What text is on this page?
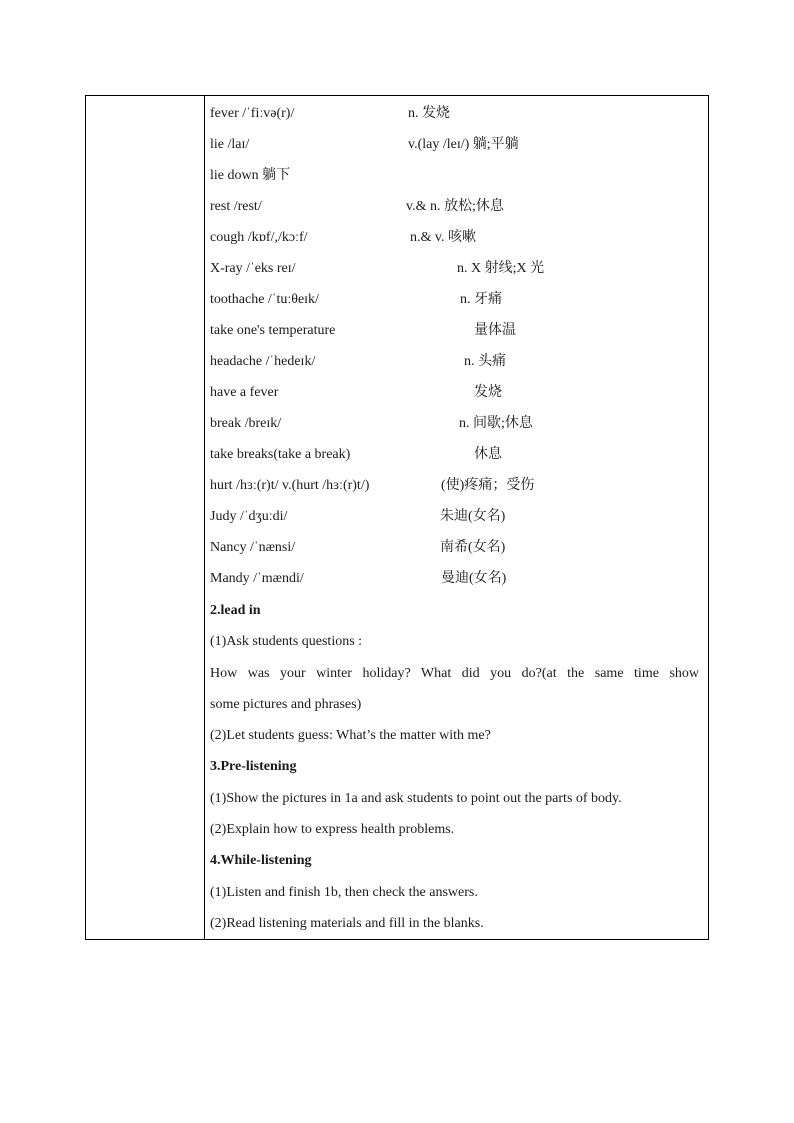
fever /ˈfiːvə(r)/	n. 发烧
lie /laɪ/	v.(lay /leɪ/) 躺;平躺
lie down 躺下
rest /rest/	v.& n. 放松;休息
cough /kɒf/,/kɔːf/	n.& v. 咳嗽
X-ray /ˈeks reɪ/	n. X 射线;X 光
toothache /ˈtuːθeɪk/	n. 牙痛
take one's temperature	量体温
headache /ˈhedeɪk/	n. 头痛
have a fever	发烧
break /breɪk/	n. 间歇;休息
take breaks(take a break)	休息
hurt /hɜː(r)t/ v.(hurt /hɜː(r)t/)	(使)疼痛；受伤
Judy /ˈdʒuːdi/	朱迪(女名)
Nancy /ˈnænsi/	南希(女名)
Mandy /ˈmændi/	曼迪(女名)
2.lead in
(1)Ask students questions :
How was your winter holiday? What did you do?(at the same time show
some pictures and phrases)
(2)Let students guess: What’s the matter with me?
3.Pre-listening
(1)Show the pictures in 1a and ask students to point out the parts of body.
(2)Explain how to express health problems.
4.While-listening
(1)Listen and finish 1b, then check the answers.
(2)Read listening materials and fill in the blanks.
